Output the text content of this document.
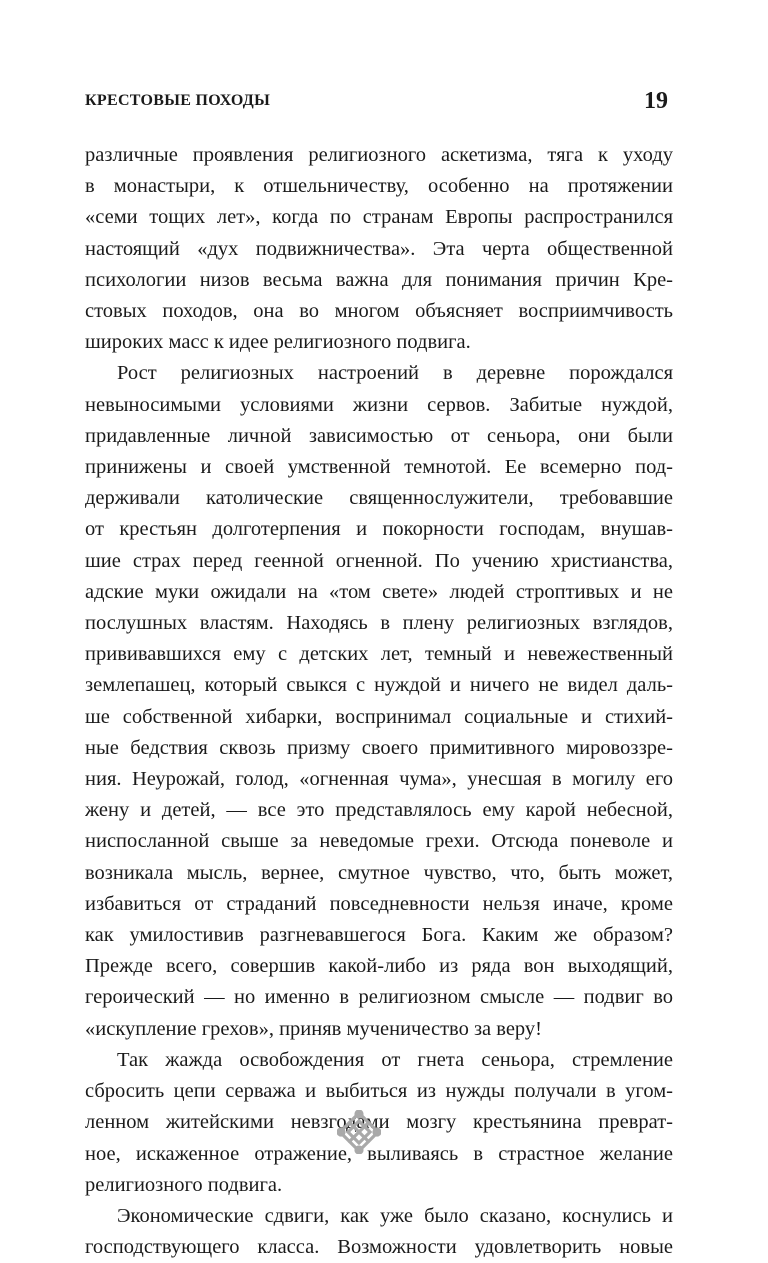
КРЕСТОВЫЕ ПОХОДЫ	19
различные проявления религиозного аскетизма, тяга к уходу
в монастыри, к отшельничеству, особенно на протяжении
«семи тощих лет», когда по странам Европы распространился
настоящий «дух подвижничества». Эта черта общественной
психологии низов весьма важна для понимания причин Кре-
стовых походов, она во многом объясняет восприимчивость
широких масс к идее религиозного подвига.
Рост религиозных настроений в деревне порождался
невыносимыми условиями жизни сервов. Забитые нуждой,
придавленные личной зависимостью от сеньора, они были
принижены и своей умственной темнотой. Ее всемерно под-
держивали католические священнослужители, требовавшие
от крестьян долготерпения и покорности господам, внушав-
шие страх перед геенной огненной. По учению христианства,
адские муки ожидали на «том свете» людей строптивых и не
послушных властям. Находясь в плену религиозных взглядов,
прививавшихся ему с детских лет, темный и невежественный
землепашец, который свыкся с нуждой и ничего не видел даль-
ше собственной хибарки, воспринимал социальные и стихий-
ные бедствия сквозь призму своего примитивного мировоззре-
ния. Неурожай, голод, «огненная чума», унесшая в могилу его
жену и детей, — все это представлялось ему карой небесной,
ниспосланной свыше за неведомые грехи. Отсюда поневоле и
возникала мысль, вернее, смутное чувство, что, быть может,
избавиться от страданий повседневности нельзя иначе, кроме
как умилостивив разгневавшегося Бога. Каким же образом?
Прежде всего, совершив какой-либо из ряда вон выходящий,
героический — но именно в религиозном смысле — подвиг во
«искупление грехов», приняв мученичество за веру!
Так жажда освобождения от гнета сеньора, стремление
сбросить цепи серважа и выбиться из нужды получали в угом-
ленном житейскими невзгодами мозгу крестьянина преврат-
ное, искаженное отражение, выливаясь в страстное желание
религиозного подвига.
Экономические сдвиги, как уже было сказано, коснулись и
господствующего класса. Возможности удовлетворить новые
